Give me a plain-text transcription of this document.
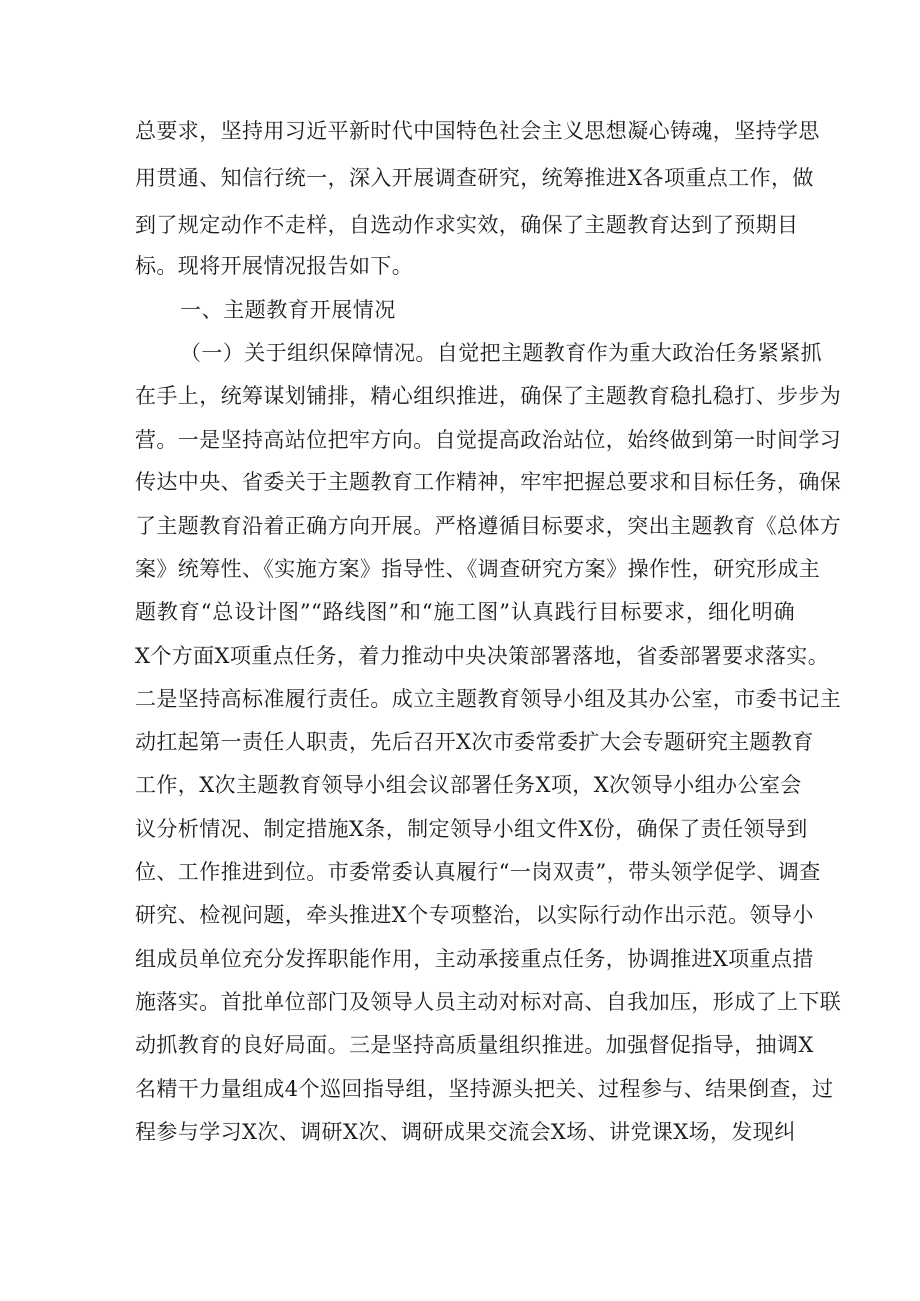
总要求，坚持用习近平新时代中国特色社会主义思想凝心铸魂，坚持学思
用贯通、知信行统一，深入开展调查研究，统筹推进X各项重点工作，做
到了规定动作不走样，自选动作求实效，确保了主题教育达到了预期目
标。现将开展情况报告如下。
一、主题教育开展情况
（一）关于组织保障情况。自觉把主题教育作为重大政治任务紧紧抓
在手上，统筹谋划铺排，精心组织推进，确保了主题教育稳扎稳打、步步为
营。一是坚持高站位把牢方向。自觉提高政治站位，始终做到第一时间学习
传达中央、省委关于主题教育工作精神，牢牢把握总要求和目标任务，确保
了主题教育沿着正确方向开展。严格遵循目标要求，突出主题教育《总体方
案》统筹性、《实施方案》指导性、《调查研究方案》操作性，研究形成主
题教育“总设计图”“路线图”和“施工图”认真践行目标要求，细化明确
X个方面X项重点任务，着力推动中央决策部署落地，省委部署要求落实。
二是坚持高标准履行责任。成立主题教育领导小组及其办公室，市委书记主
动扛起第一责任人职责，先后召开X次市委常委扩大会专题研究主题教育
工作，X次主题教育领导小组会议部署任务X项，X次领导小组办公室会
议分析情况、制定措施X条，制定领导小组文件X份，确保了责任领导到
位、工作推进到位。市委常委认真履行“一岗双责”，带头领学促学、调查
研究、检视问题，牵头推进X个专项整治，以实际行动作出示范。领导小
组成员单位充分发挥职能作用，主动承接重点任务，协调推进X项重点措
施落实。首批单位部门及领导人员主动对标对高、自我加压，形成了上下联
动抓教育的良好局面。三是坚持高质量组织推进。加强督促指导，抽调X
名精干力量组成4个巡回指导组，坚持源头把关、过程参与、结果倒查，过
程参与学习X次、调研X次、调研成果交流会X场、讲党课X场，发现纠
